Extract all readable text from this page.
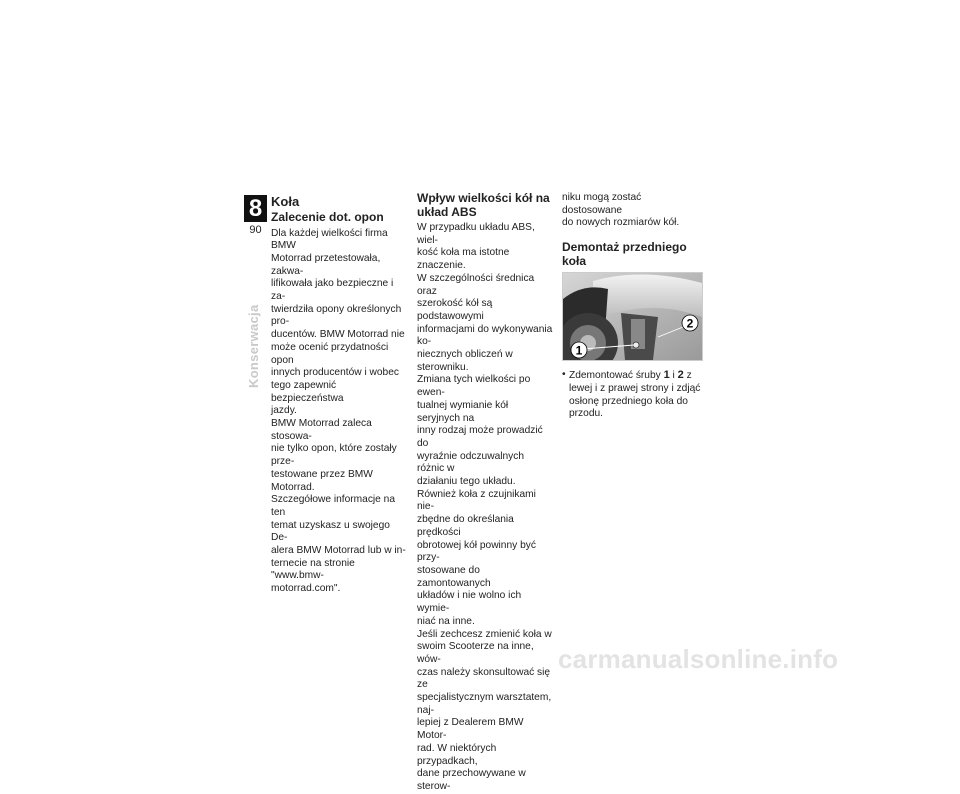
8
90
Konserwacja
Koła
Zalecenie dot. opon

Dla każdej wielkości firma BMW
Motorrad przetestowała, zakwa-
lifikowała jako bezpieczne i za-
twierdziła opony określonych pro-
ducentów. BMW Motorrad nie
może ocenić przydatności opon
innych producentów i wobec
tego zapewnić bezpieczeństwa
jazdy.
BMW Motorrad zaleca stosowa-
nie tylko opon, które zostały prze-
testowane przez BMW Motorrad.
Szczegółowe informacje na ten
temat uzyskasz u swojego De-
alera BMW Motorrad lub w in-
ternecie na stronie "www.bmw-
motorrad.com".

Wpływ wielkości kół na
układ ABS

W przypadku układu ABS, wiel-
kość koła ma istotne znaczenie.
W szczególności średnica oraz
szerokość kół są podstawowymi
informacjami do wykonywania ko-
niecznych obliczeń w sterowniku.
Zmiana tych wielkości po ewen-
tualnej wymianie kół seryjnych na
inny rodzaj może prowadzić do
wyraźnie odczuwalnych różnic w
działaniu tego układu.
Również koła z czujnikami nie-
zbędne do określania prędkości
obrotowej kół powinny być przy-
stosowane do zamontowanych
układów i nie wolno ich wymie-
niać na inne.
Jeśli zechcesz zmienić koła w
swoim Scooterze na inne, wów-
czas należy skonsultować się ze
specjalistycznym warsztatem, naj-
lepiej z Dealerem BMW Motor-
rad. W niektórych przypadkach,
dane przechowywane w sterow-

niku mogą zostać dostosowane
do nowych rozmiarów kół.

Demontaż przedniego
koła
1
2
• Zdemontować śruby 1 i 2 z
lewej i z prawej strony i zdjąć
osłonę przedniego koła do
przodu.
carmanualsonline.info
